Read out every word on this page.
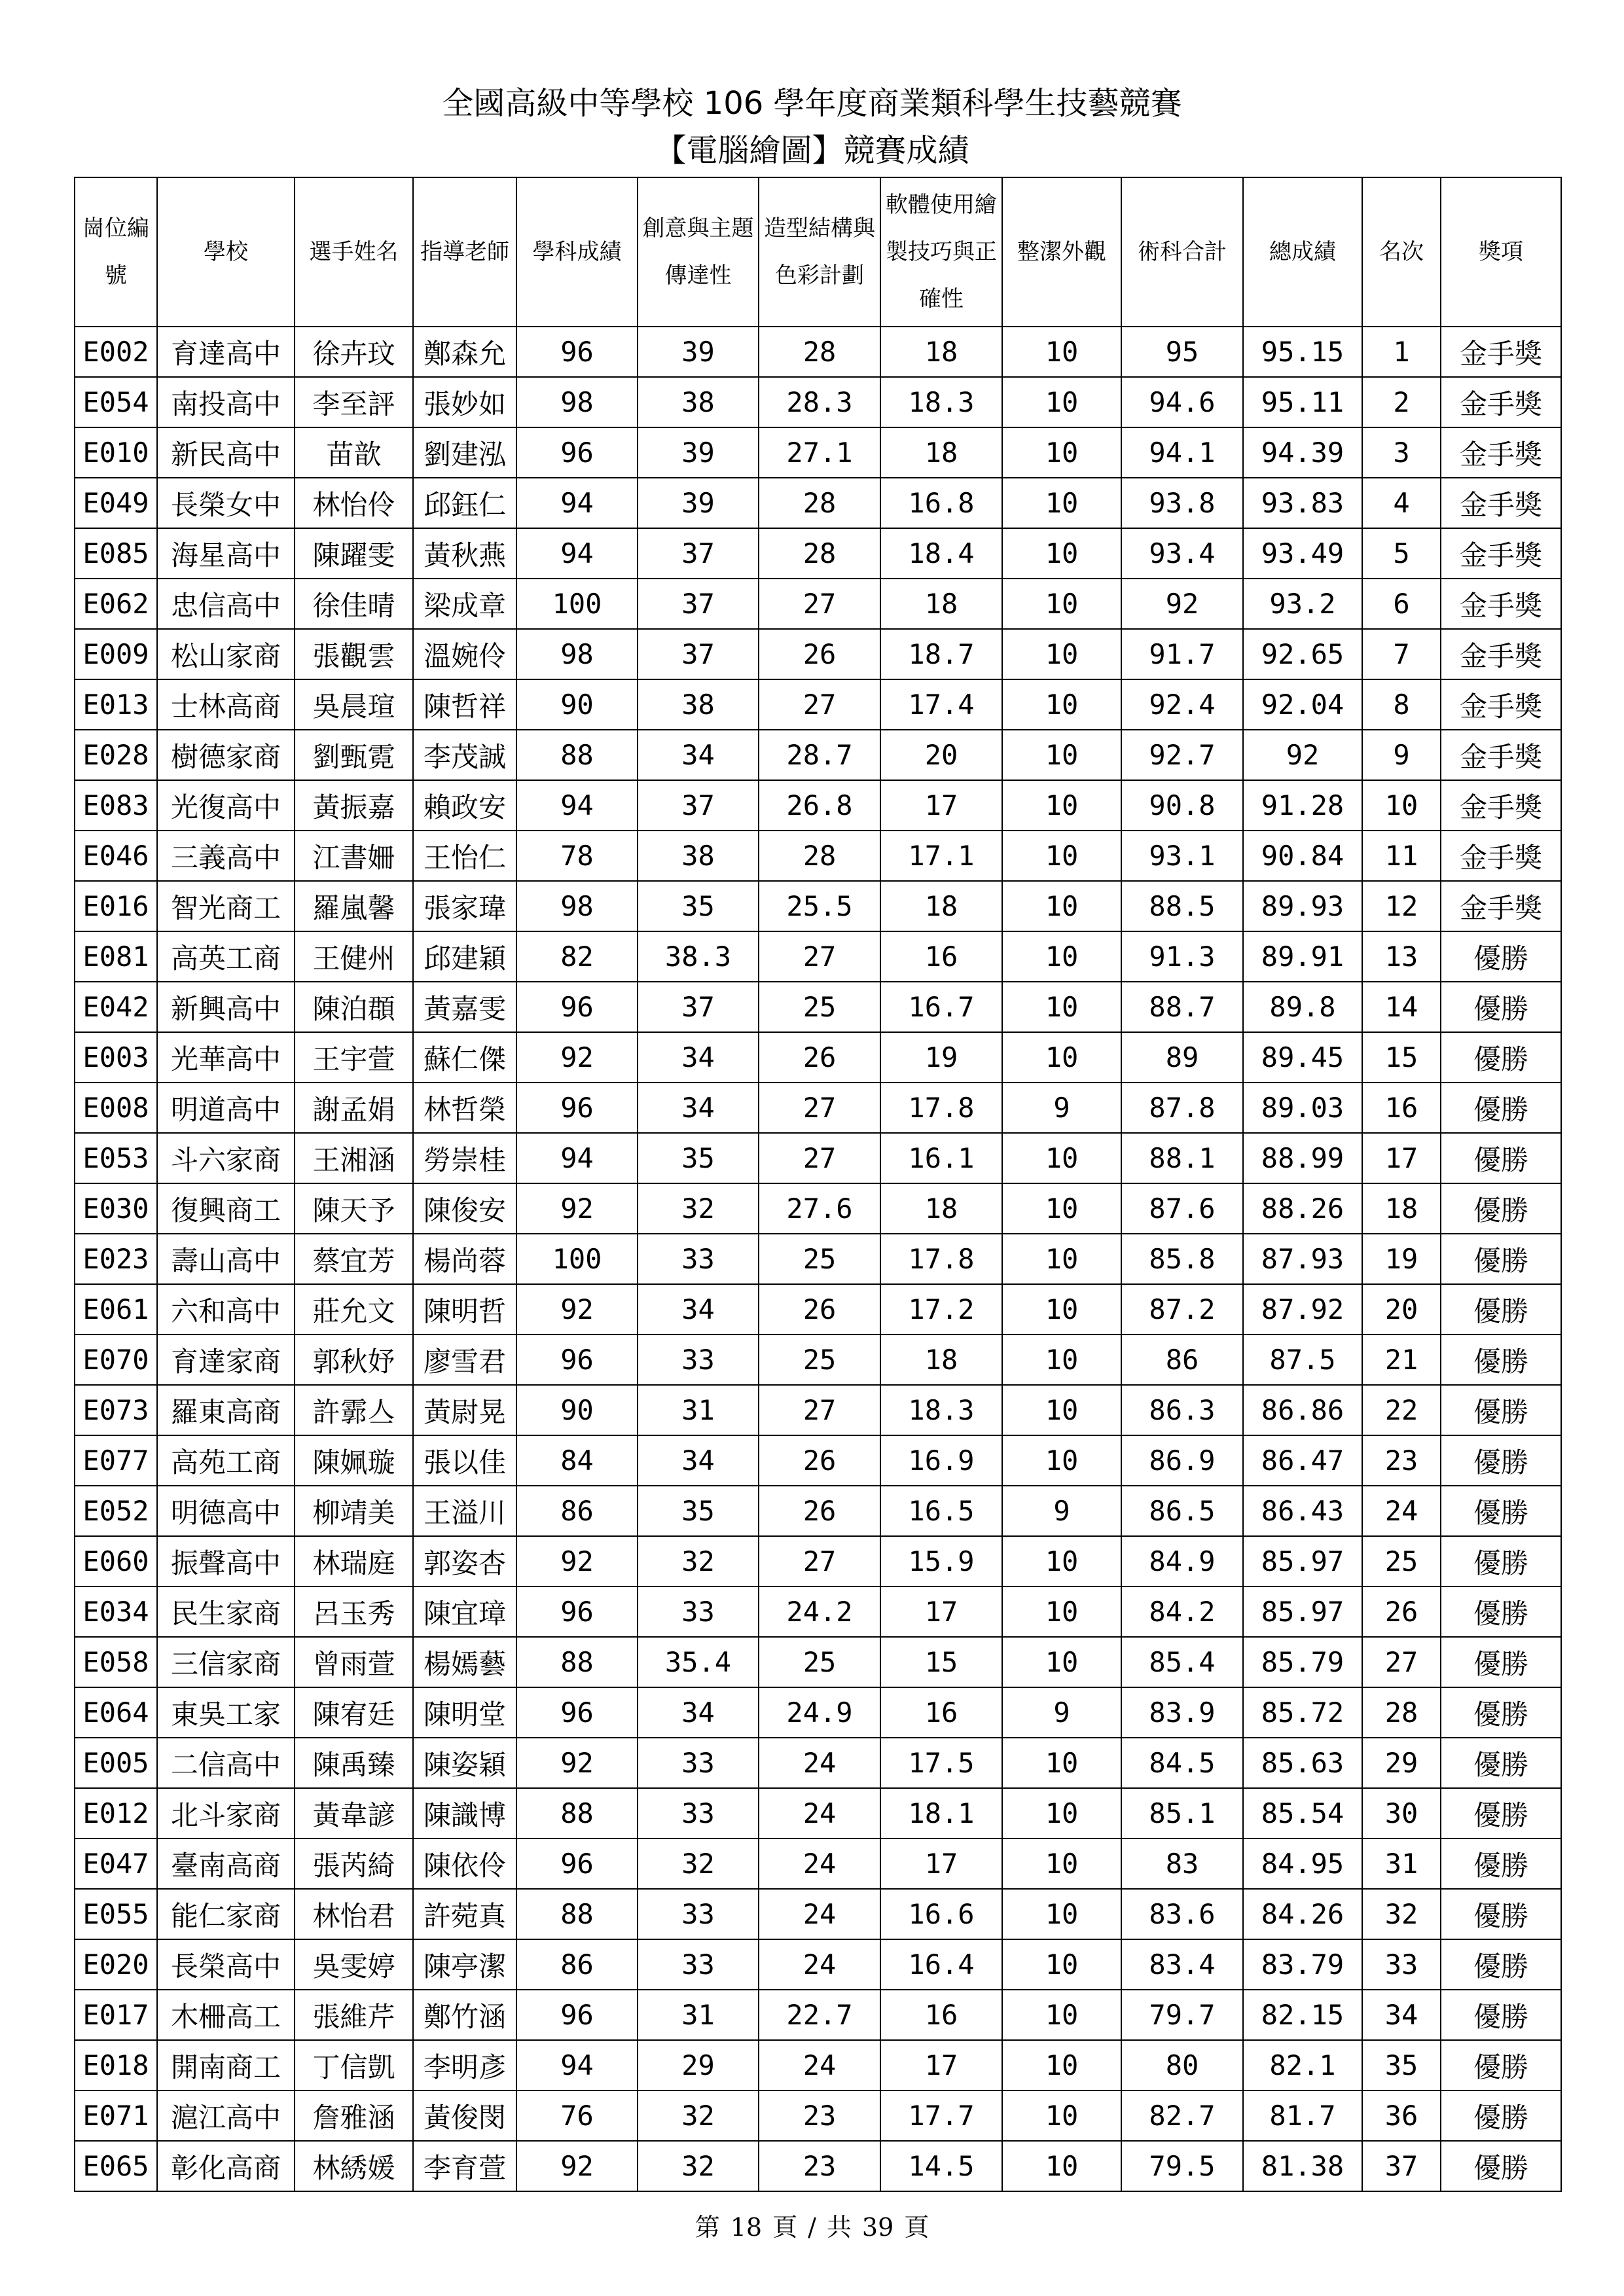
全國高級中等學校 106 學年度商業類科學生技藝競賽
【電腦繪圖】競賽成績
崗位編號	學校	選手姓名	指導老師	學科成績	創意與主題傳達性	造型結構與色彩計劃	軟體使用繪製技巧與正確性	整潔外觀	術科合計	總成績	名次	獎項
E002	育達高中	徐卉玟	鄭森允	96	39	28	18	10	95	95.15	1	金手獎
E054	南投高中	李至評	張妙如	98	38	28.3	18.3	10	94.6	95.11	2	金手獎
E010	新民高中	苗歆	劉建泓	96	39	27.1	18	10	94.1	94.39	3	金手獎
E049	長榮女中	林怡伶	邱鈺仁	94	39	28	16.8	10	93.8	93.83	4	金手獎
E085	海星高中	陳躍雯	黃秋燕	94	37	28	18.4	10	93.4	93.49	5	金手獎
E062	忠信高中	徐佳晴	梁成章	100	37	27	18	10	92	93.2	6	金手獎
E009	松山家商	張觀雲	溫婉伶	98	37	26	18.7	10	91.7	92.65	7	金手獎
E013	士林高商	吳晨瑄	陳哲祥	90	38	27	17.4	10	92.4	92.04	8	金手獎
E028	樹德家商	劉甄霓	李茂誠	88	34	28.7	20	10	92.7	92	9	金手獎
E083	光復高中	黃振嘉	賴政安	94	37	26.8	17	10	90.8	91.28	10	金手獎
E046	三義高中	江書姍	王怡仁	78	38	28	17.1	10	93.1	90.84	11	金手獎
E016	智光商工	羅嵐馨	張家瑋	98	35	25.5	18	10	88.5	89.93	12	金手獎
E081	高英工商	王健州	邱建穎	82	38.3	27	16	10	91.3	89.91	13	優勝
E042	新興高中	陳泊頵	黃嘉雯	96	37	25	16.7	10	88.7	89.8	14	優勝
E003	光華高中	王宇萱	蘇仁傑	92	34	26	19	10	89	89.45	15	優勝
E008	明道高中	謝孟娟	林哲榮	96	34	27	17.8	9	87.8	89.03	16	優勝
E053	斗六家商	王湘涵	勞崇桂	94	35	27	16.1	10	88.1	88.99	17	優勝
E030	復興商工	陳天予	陳俊安	92	32	27.6	18	10	87.6	88.26	18	優勝
E023	壽山高中	蔡宜芳	楊尚蓉	100	33	25	17.8	10	85.8	87.93	19	優勝
E061	六和高中	莊允文	陳明哲	92	34	26	17.2	10	87.2	87.92	20	優勝
E070	育達家商	郭秋妤	廖雪君	96	33	25	18	10	86	87.5	21	優勝
E073	羅東高商	許霩亼	黃尉晃	90	31	27	18.3	10	86.3	86.86	22	優勝
E077	高苑工商	陳姵璇	張以佳	84	34	26	16.9	10	86.9	86.47	23	優勝
E052	明德高中	柳靖美	王溢川	86	35	26	16.5	9	86.5	86.43	24	優勝
E060	振聲高中	林瑞庭	郭姿杏	92	32	27	15.9	10	84.9	85.97	25	優勝
E034	民生家商	呂玉秀	陳宜璋	96	33	24.2	17	10	84.2	85.97	26	優勝
E058	三信家商	曾雨萱	楊嫣藝	88	35.4	25	15	10	85.4	85.79	27	優勝
E064	東吳工家	陳宥廷	陳明堂	96	34	24.9	16	9	83.9	85.72	28	優勝
E005	二信高中	陳禹臻	陳姿穎	92	33	24	17.5	10	84.5	85.63	29	優勝
E012	北斗家商	黃韋諺	陳識博	88	33	24	18.1	10	85.1	85.54	30	優勝
E047	臺南高商	張芮綺	陳依伶	96	32	24	17	10	83	84.95	31	優勝
E055	能仁家商	林怡君	許菀真	88	33	24	16.6	10	83.6	84.26	32	優勝
E020	長榮高中	吳雯婷	陳亭潔	86	33	24	16.4	10	83.4	83.79	33	優勝
E017	木柵高工	張維芹	鄭竹涵	96	31	22.7	16	10	79.7	82.15	34	優勝
E018	開南商工	丁信凱	李明彥	94	29	24	17	10	80	82.1	35	優勝
E071	滬江高中	詹雅涵	黃俊閔	76	32	23	17.7	10	82.7	81.7	36	優勝
E065	彰化高商	林綉媛	李育萱	92	32	23	14.5	10	79.5	81.38	37	優勝
第 18 頁 / 共 39 頁
